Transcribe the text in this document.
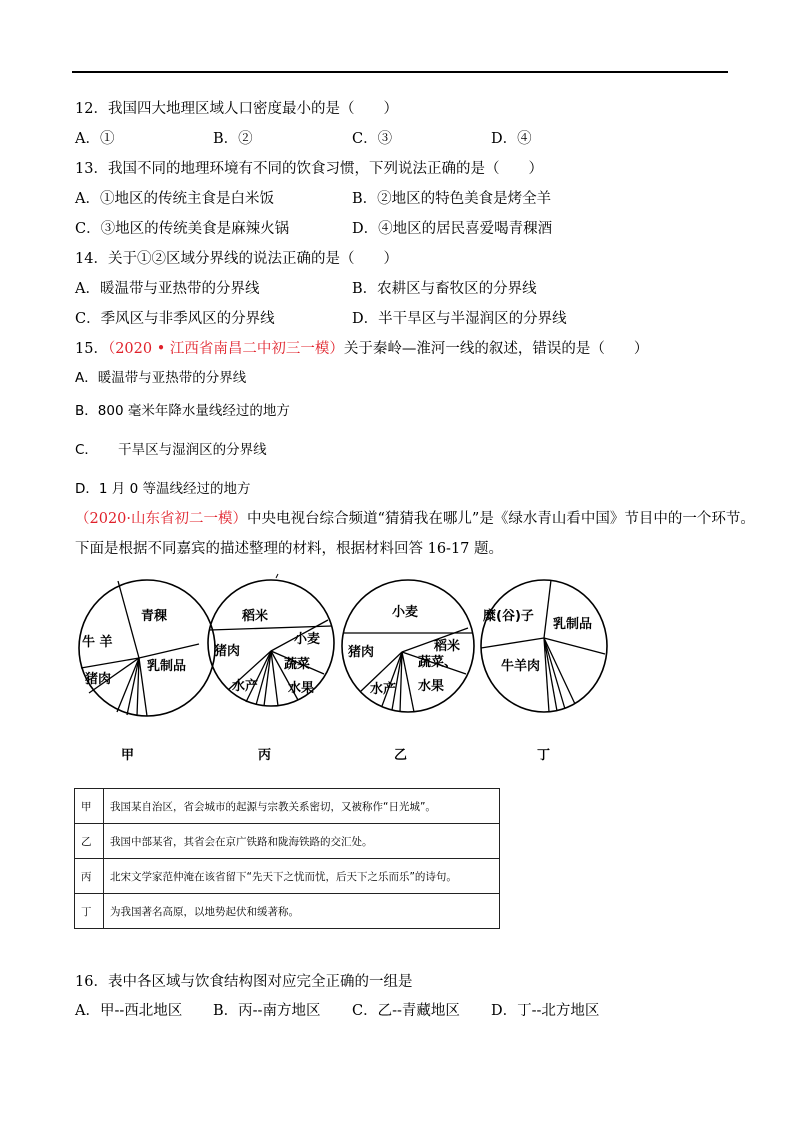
12．我国四大地理区域人口密度最小的是（　　）
A．①	B．②	C．③	D．④
13．我国不同的地理环境有不同的饮食习惯，下列说法正确的是（　　）
A．①地区的传统主食是白米饭	B．②地区的特色美食是烤全羊
C．③地区的传统美食是麻辣火锅	D．④地区的居民喜爱喝青稞酒
14．关于①②区域分界线的说法正确的是（　　）
A．暖温带与亚热带的分界线	B．农耕区与畜牧区的分界线
C．季风区与非季风区的分界线	D．半干旱区与半湿润区的分界线
15．（2020 • 江西省南昌二中初三一模）关于秦岭—淮河一线的叙述，错误的是（　　）
A．暖温带与亚热带的分界线
B．800 毫米年降水量线经过的地方
C．　　干旱区与湿润区的分界线
D．1 月 0 等温线经过的地方
（2020·山东省初二一模）中央电视台综合频道“猜猜我在哪儿”是《绿水青山看中国》节目中的一个环节。
下面是根据不同嘉宾的描述整理的材料，根据材料回答 16-17 题。
青稞
牛 羊
猪肉
乳制品
甲
稻米
小麦
猪肉
蔬菜
水产 水果
丙
小麦
稻米
猪肉
蔬菜、
水产 水果
乙
糜(谷)子
乳制品
牛羊肉
丁
甲	我国某自治区，省会城市的起源与宗教关系密切，又被称作“日光城”。
乙	我国中部某省，其省会在京广铁路和陇海铁路的交汇处。
丙	北宋文学家范仲淹在该省留下“先天下之忧而忧，后天下之乐而乐”的诗句。
丁	为我国著名高原，以地势起伏和缓著称。
16．表中各区域与饮食结构图对应完全正确的一组是
A．甲--西北地区 B．丙--南方地区 C．乙--青藏地区 D．丁--北方地区
